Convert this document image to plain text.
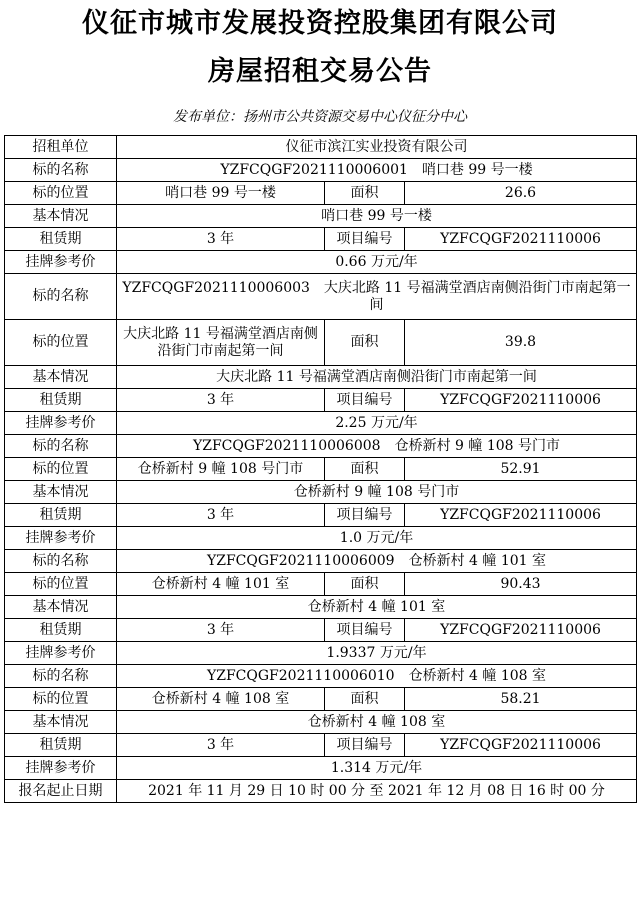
仪征市城市发展投资控股集团有限公司
房屋招租交易公告
发布单位：扬州市公共资源交易中心仪征分中心
招租单位	仪征市滨江实业投资有限公司		
标的名称	YZFCQGF2021110006001　哨口巷 99 号一楼		
标的位置	哨口巷 99 号一楼	面积	26.6
基本情况	哨口巷 99 号一楼		
租赁期	3 年	项目编号	YZFCQGF2021110006
挂牌参考价	0.66 万元/年		
标的名称	YZFCQGF2021110006003　大庆北路 11 号福满堂酒店南侧沿街门市南起第一间		
标的位置	大庆北路 11 号福满堂酒店南侧沿街门市南起第一间	面积	39.8
基本情况	大庆北路 11 号福满堂酒店南侧沿街门市南起第一间		
租赁期	3 年	项目编号	YZFCQGF2021110006
挂牌参考价	2.25 万元/年		
标的名称	YZFCQGF2021110006008　仓桥新村 9 幢 108 号门市		
标的位置	仓桥新村 9 幢 108 号门市	面积	52.91
基本情况	仓桥新村 9 幢 108 号门市		
租赁期	3 年	项目编号	YZFCQGF2021110006
挂牌参考价	1.0 万元/年		
标的名称	YZFCQGF2021110006009　仓桥新村 4 幢 101 室		
标的位置	仓桥新村 4 幢 101 室	面积	90.43
基本情况	仓桥新村 4 幢 101 室		
租赁期	3 年	项目编号	YZFCQGF2021110006
挂牌参考价	1.9337 万元/年		
标的名称	YZFCQGF2021110006010　仓桥新村 4 幢 108 室		
标的位置	仓桥新村 4 幢 108 室	面积	58.21
基本情况	仓桥新村 4 幢 108 室		
租赁期	3 年	项目编号	YZFCQGF2021110006
挂牌参考价	1.314 万元/年		
报名起止日期	2021 年 11 月 29 日 10 时 00 分 至 2021 年 12 月 08 日 16 时 00 分		
